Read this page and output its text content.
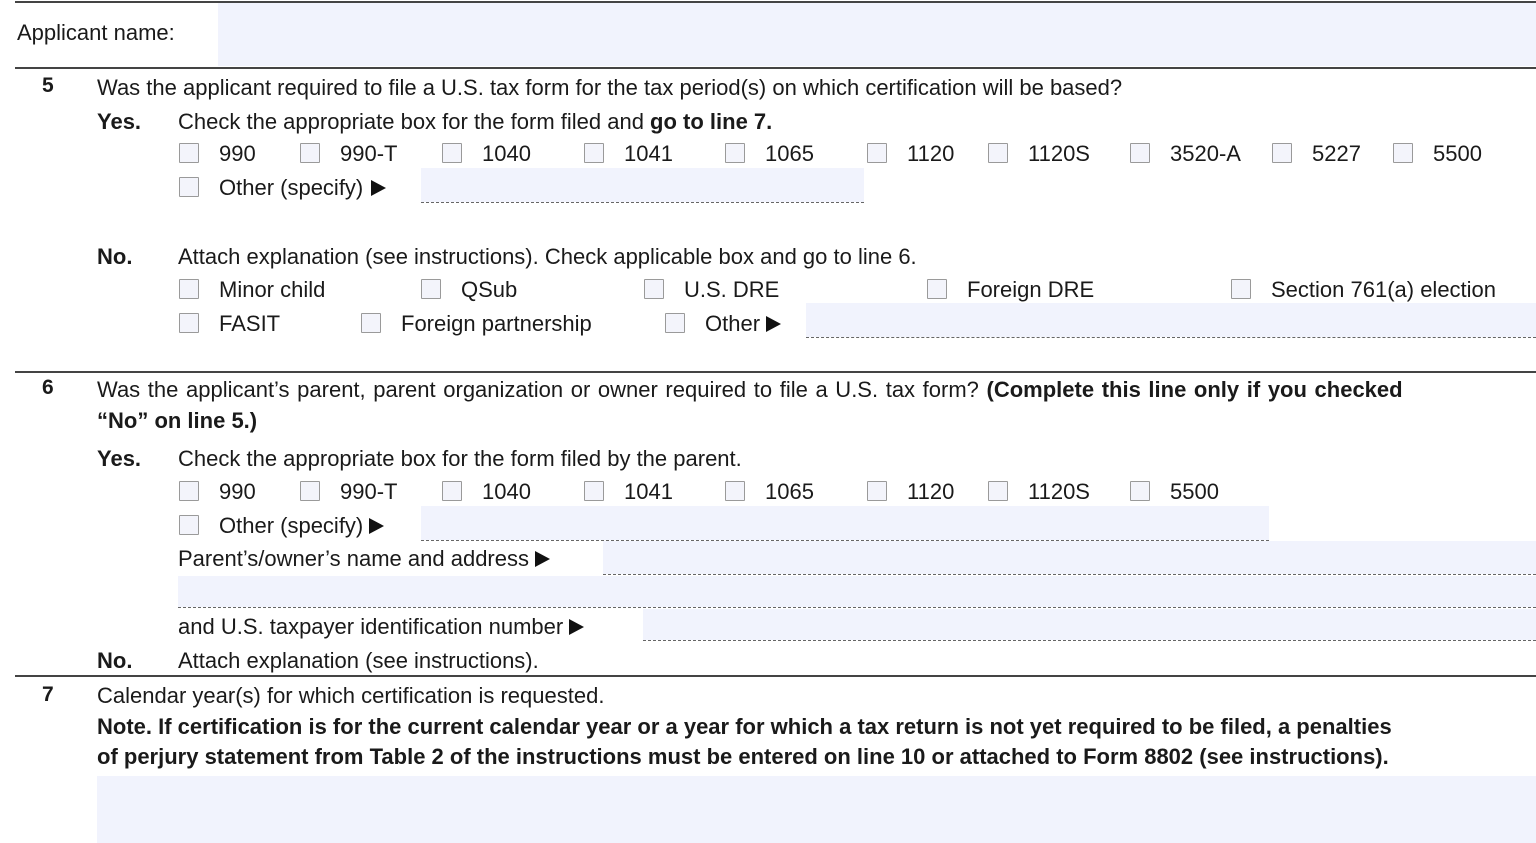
Applicant name:
5 Was the applicant required to file a U.S. tax form for the tax period(s) on which certification will be based?
Yes. Check the appropriate box for the form filed and go to line 7.
990	990-T	1040	1041	1065	1120	1120S	3520-A	5227	5500
Other (specify)
No. Attach explanation (see instructions). Check applicable box and go to line 6.
Minor child	QSub	U.S. DRE	Foreign DRE	Section 761(a) election
FASIT	Foreign partnership	Other
6 Was the applicant’s parent, parent organization or owner required to file a U.S. tax form? (Complete this line only if you checked
“No” on line 5.)
Yes. Check the appropriate box for the form filed by the parent.
990	990-T	1040	1041	1065	1120	1120S	5500
Other (specify)
Parent’s/owner’s name and address
and U.S. taxpayer identification number
No. Attach explanation (see instructions).
7 Calendar year(s) for which certification is requested.
Note. If certification is for the current calendar year or a year for which a tax return is not yet required to be filed, a penalties
of perjury statement from Table 2 of the instructions must be entered on line 10 or attached to Form 8802 (see instructions).
